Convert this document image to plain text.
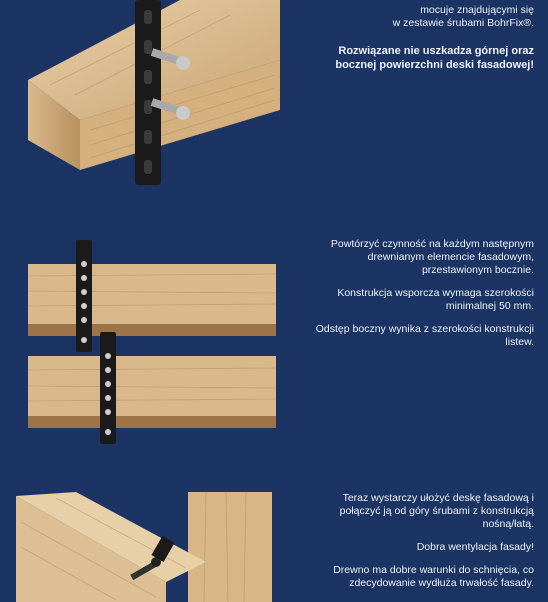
mocuje znajdującymi się
w zestawie śrubami BohrFix®.
Rozwiązane nie uszkadza górnej oraz
bocznej powierzchni deski fasadowej!

Powtórzyć czynność na każdym następnym
drewnianym elemencie fasadowym,
przestawionym bocznie.

Konstrukcja wsporcza wymaga szerokości
minimalnej 50 mm.

Odstęp boczny wynika z szerokości konstrukcji
listew.

Teraz wystarczy ułożyć deskę fasadową i
połączyć ją od góry śrubami z konstrukcją
nośną/łatą.

Dobra wentylacja fasady!

Drewno ma dobre warunki do schnięcia, co
zdecydowanie wydłuża trwałość fasady.
